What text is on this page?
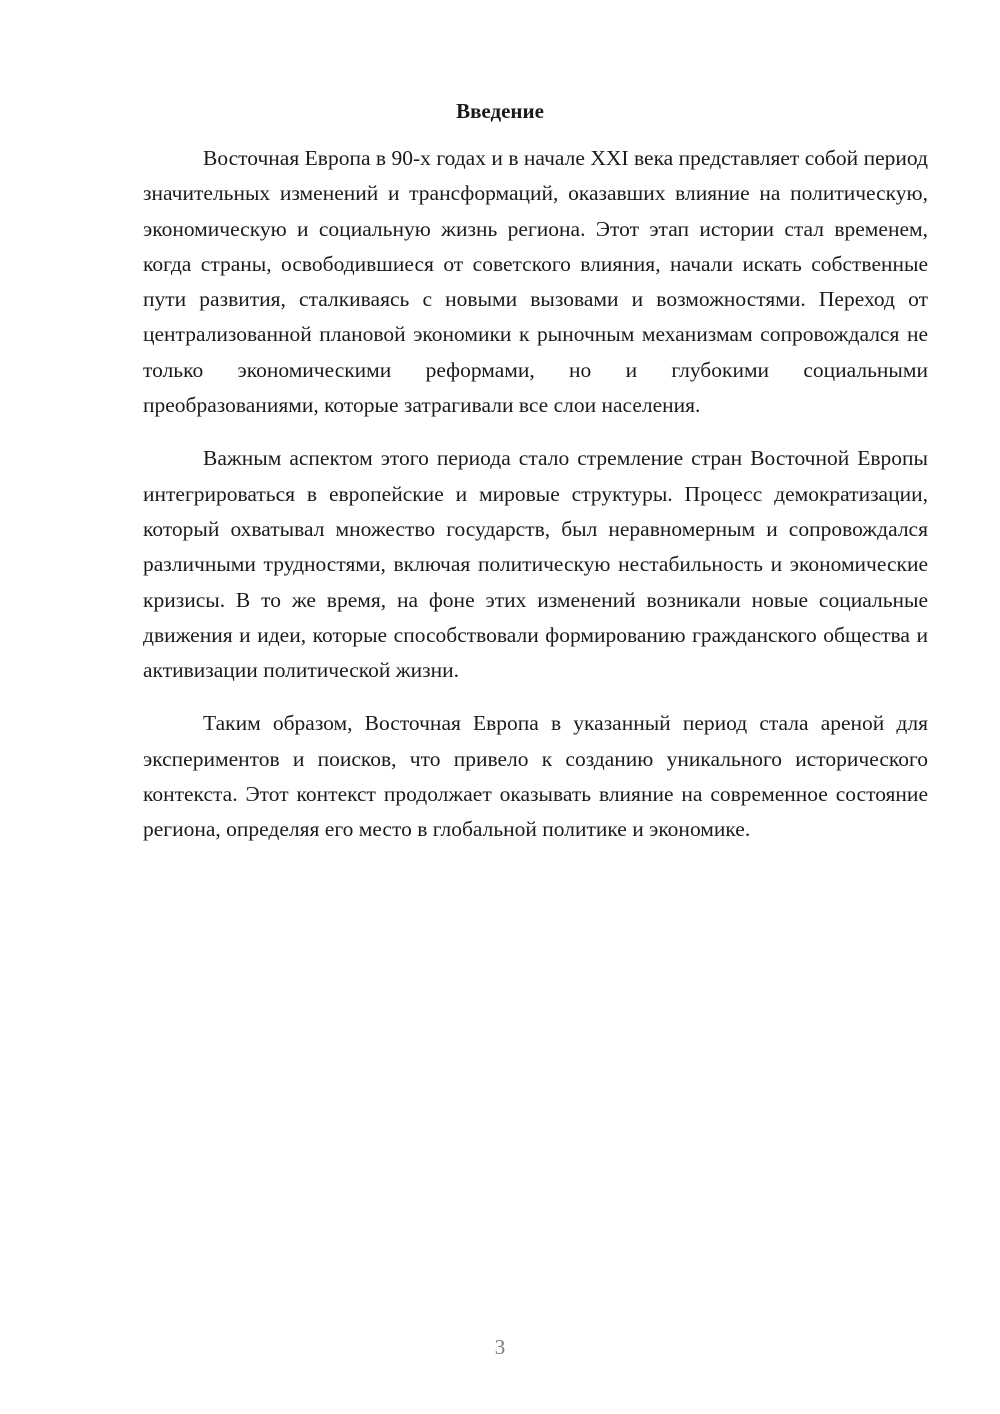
Введение

Восточная Европа в 90-х годах и в начале XXI века представляет собой период значительных изменений и трансформаций, оказавших влияние на политическую, экономическую и социальную жизнь региона. Этот этап истории стал временем, когда страны, освободившиеся от советского влияния, начали искать собственные пути развития, сталкиваясь с новыми вызовами и возможностями. Переход от централизованной плановой экономики к рыночным механизмам сопровождался не только экономическими реформами, но и глубокими социальными преобразованиями, которые затрагивали все слои населения.

Важным аспектом этого периода стало стремление стран Восточной Европы интегрироваться в европейские и мировые структуры. Процесс демократизации, который охватывал множество государств, был неравномерным и сопровождался различными трудностями, включая политическую нестабильность и экономические кризисы. В то же время, на фоне этих изменений возникали новые социальные движения и идеи, которые способствовали формированию гражданского общества и активизации политической жизни.

Таким образом, Восточная Европа в указанный период стала ареной для экспериментов и поисков, что привело к созданию уникального исторического контекста. Этот контекст продолжает оказывать влияние на современное состояние региона, определяя его место в глобальной политике и экономике.

3
